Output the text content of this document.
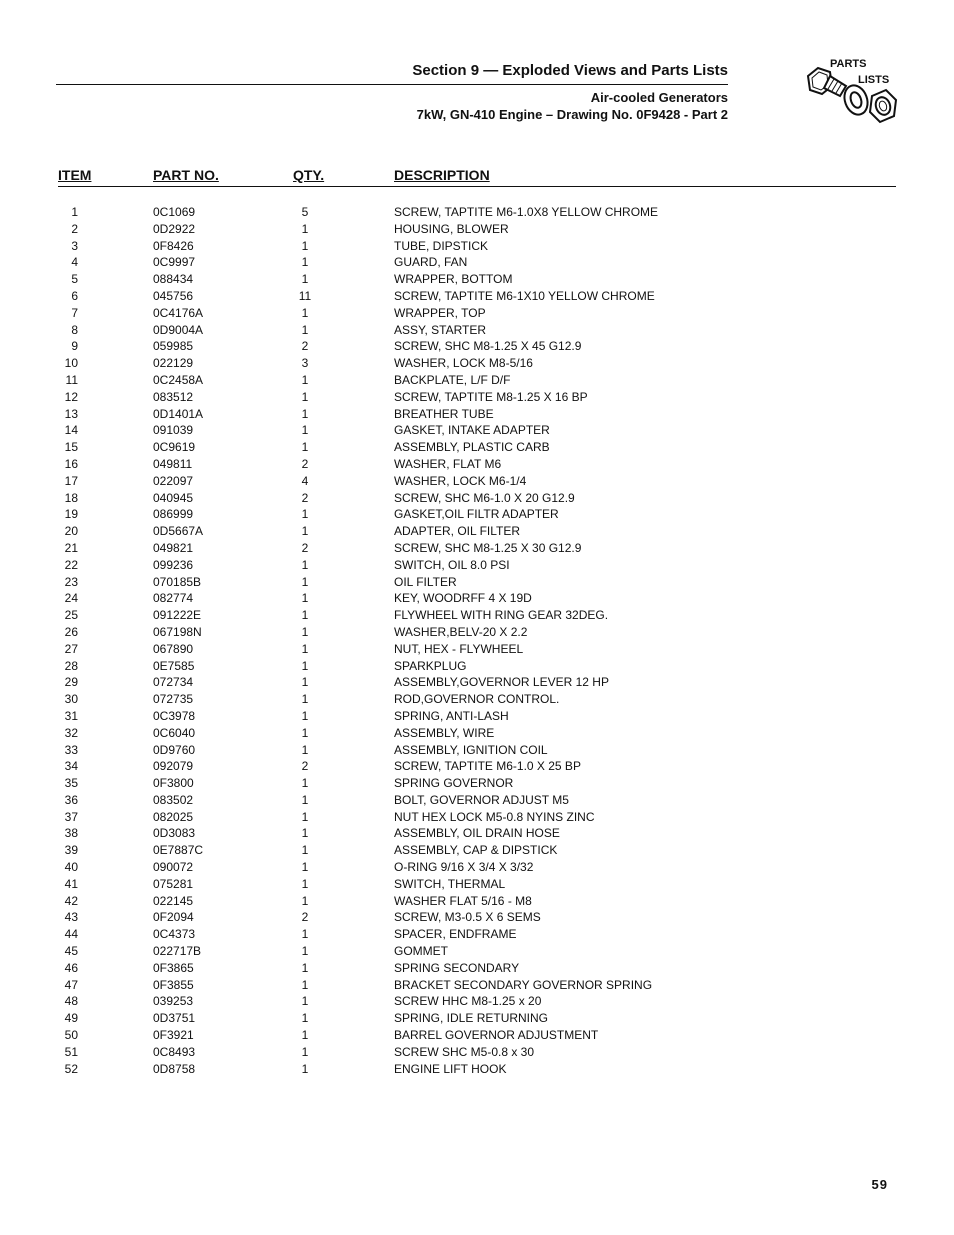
Section 9 — Exploded Views and Parts Lists
Air-cooled Generators
7kW, GN-410 Engine – Drawing No. 0F9428 - Part 2
PARTS
LISTS
ITEM	PART NO.	QTY.	DESCRIPTION
1	0C1069	5	SCREW, TAPTITE M6-1.0X8 YELLOW CHROME
2	0D2922	1	HOUSING, BLOWER
3	0F8426	1	TUBE, DIPSTICK
4	0C9997	1	GUARD, FAN
5	088434	1	WRAPPER, BOTTOM
6	045756	11	SCREW, TAPTITE M6-1X10 YELLOW CHROME
7	0C4176A	1	WRAPPER, TOP
8	0D9004A	1	ASSY, STARTER
9	059985	2	SCREW, SHC M8-1.25 X 45 G12.9
10	022129	3	WASHER, LOCK M8-5/16
11	0C2458A	1	BACKPLATE, L/F D/F
12	083512	1	SCREW, TAPTITE M8-1.25 X 16 BP
13	0D1401A	1	BREATHER TUBE
14	091039	1	GASKET, INTAKE ADAPTER
15	0C9619	1	ASSEMBLY, PLASTIC CARB
16	049811	2	WASHER, FLAT M6
17	022097	4	WASHER, LOCK M6-1/4
18	040945	2	SCREW, SHC M6-1.0 X 20 G12.9
19	086999	1	GASKET,OIL FILTR ADAPTER
20	0D5667A	1	ADAPTER, OIL FILTER
21	049821	2	SCREW, SHC M8-1.25 X 30 G12.9
22	099236	1	SWITCH, OIL 8.0 PSI
23	070185B	1	OIL FILTER
24	082774	1	KEY, WOODRFF 4 X 19D
25	091222E	1	FLYWHEEL WITH RING GEAR 32DEG.
26	067198N	1	WASHER,BELV-20 X 2.2
27	067890	1	NUT, HEX - FLYWHEEL
28	0E7585	1	SPARKPLUG
29	072734	1	ASSEMBLY,GOVERNOR LEVER 12 HP
30	072735	1	ROD,GOVERNOR CONTROL.
31	0C3978	1	SPRING, ANTI-LASH
32	0C6040	1	ASSEMBLY, WIRE
33	0D9760	1	ASSEMBLY, IGNITION COIL
34	092079	2	SCREW, TAPTITE M6-1.0 X 25 BP
35	0F3800	1	SPRING GOVERNOR
36	083502	1	BOLT, GOVERNOR ADJUST M5
37	082025	1	NUT HEX LOCK M5-0.8 NYINS ZINC
38	0D3083	1	ASSEMBLY, OIL DRAIN HOSE
39	0E7887C	1	ASSEMBLY, CAP & DIPSTICK
40	090072	1	O-RING 9/16 X 3/4 X 3/32
41	075281	1	SWITCH, THERMAL
42	022145	1	WASHER FLAT 5/16 - M8
43	0F2094	2	SCREW, M3-0.5 X 6 SEMS
44	0C4373	1	SPACER, ENDFRAME
45	022717B	1	GOMMET
46	0F3865	1	SPRING SECONDARY
47	0F3855	1	BRACKET SECONDARY GOVERNOR SPRING
48	039253	1	SCREW HHC M8-1.25 x 20
49	0D3751	1	SPRING, IDLE RETURNING
50	0F3921	1	BARREL GOVERNOR ADJUSTMENT
51	0C8493	1	SCREW SHC M5-0.8 x 30
52	0D8758	1	ENGINE LIFT HOOK
59
